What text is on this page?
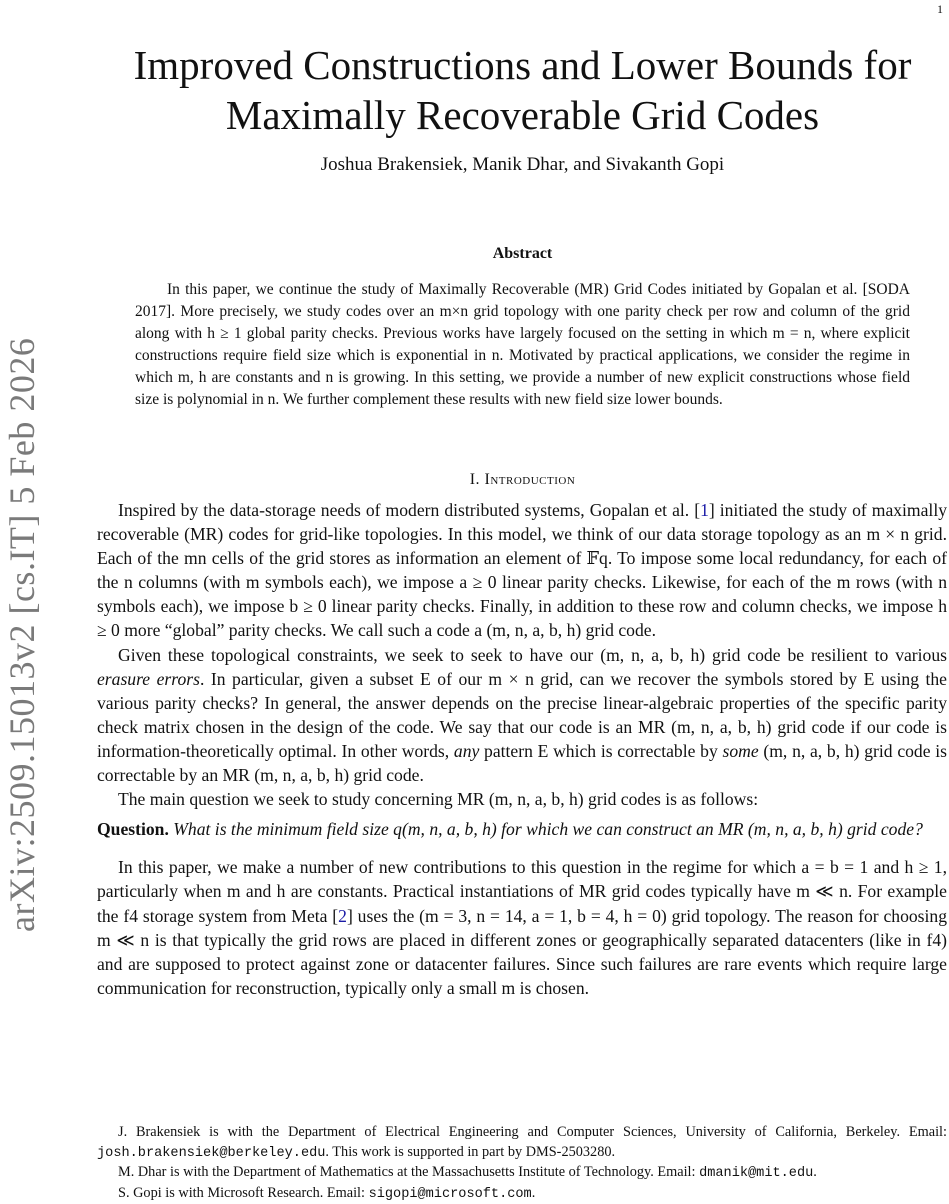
1
arXiv:2509.15013v2 [cs.IT] 5 Feb 2026
Improved Constructions and Lower Bounds for
Maximally Recoverable Grid Codes
Joshua Brakensiek, Manik Dhar, and Sivakanth Gopi
Abstract

In this paper, we continue the study of Maximally Recoverable (MR) Grid Codes initiated by Gopalan et al. [SODA 2017]. More precisely, we study codes over an m×n grid topology with one parity check per row and column of the grid along with h ≥ 1 global parity checks. Previous works have largely focused on the setting in which m = n, where explicit constructions require field size which is exponential in n. Motivated by practical applications, we consider the regime in which m, h are constants and n is growing. In this setting, we provide a number of new explicit constructions whose field size is polynomial in n. We further complement these results with new field size lower bounds.

I. Introduction

Inspired by the data-storage needs of modern distributed systems, Gopalan et al. [1] initiated the study of maximally recoverable (MR) codes for grid-like topologies. In this model, we think of our data storage topology as an m × n grid. Each of the mn cells of the grid stores as information an element of 𝔽q. To impose some local redundancy, for each of the n columns (with m symbols each), we impose a ≥ 0 linear parity checks. Likewise, for each of the m rows (with n symbols each), we impose b ≥ 0 linear parity checks. Finally, in addition to these row and column checks, we impose h ≥ 0 more “global” parity checks. We call such a code a (m, n, a, b, h) grid code.

Given these topological constraints, we seek to seek to have our (m, n, a, b, h) grid code be resilient to various erasure errors. In particular, given a subset E of our m × n grid, can we recover the symbols stored by E using the various parity checks? In general, the answer depends on the precise linear-algebraic properties of the specific parity check matrix chosen in the design of the code. We say that our code is an MR (m, n, a, b, h) grid code if our code is information-theoretically optimal. In other words, any pattern E which is correctable by some (m, n, a, b, h) grid code is correctable by an MR (m, n, a, b, h) grid code.

The main question we seek to study concerning MR (m, n, a, b, h) grid codes is as follows:

Question. What is the minimum field size q(m, n, a, b, h) for which we can construct an MR (m, n, a, b, h) grid code?

In this paper, we make a number of new contributions to this question in the regime for which a = b = 1 and h ≥ 1, particularly when m and h are constants. Practical instantiations of MR grid codes typically have m ≪ n. For example the f4 storage system from Meta [2] uses the (m = 3, n = 14, a = 1, b = 4, h = 0) grid topology. The reason for choosing m ≪ n is that typically the grid rows are placed in different zones or geographically separated datacenters (like in f4) and are supposed to protect against zone or datacenter failures. Since such failures are rare events which require large communication for reconstruction, typically only a small m is chosen.

J. Brakensiek is with the Department of Electrical Engineering and Computer Sciences, University of California, Berkeley. Email: josh.brakensiek@berkeley.edu. This work is supported in part by DMS-2503280.

M. Dhar is with the Department of Mathematics at the Massachusetts Institute of Technology. Email: dmanik@mit.edu.

S. Gopi is with Microsoft Research. Email: sigopi@microsoft.com.
